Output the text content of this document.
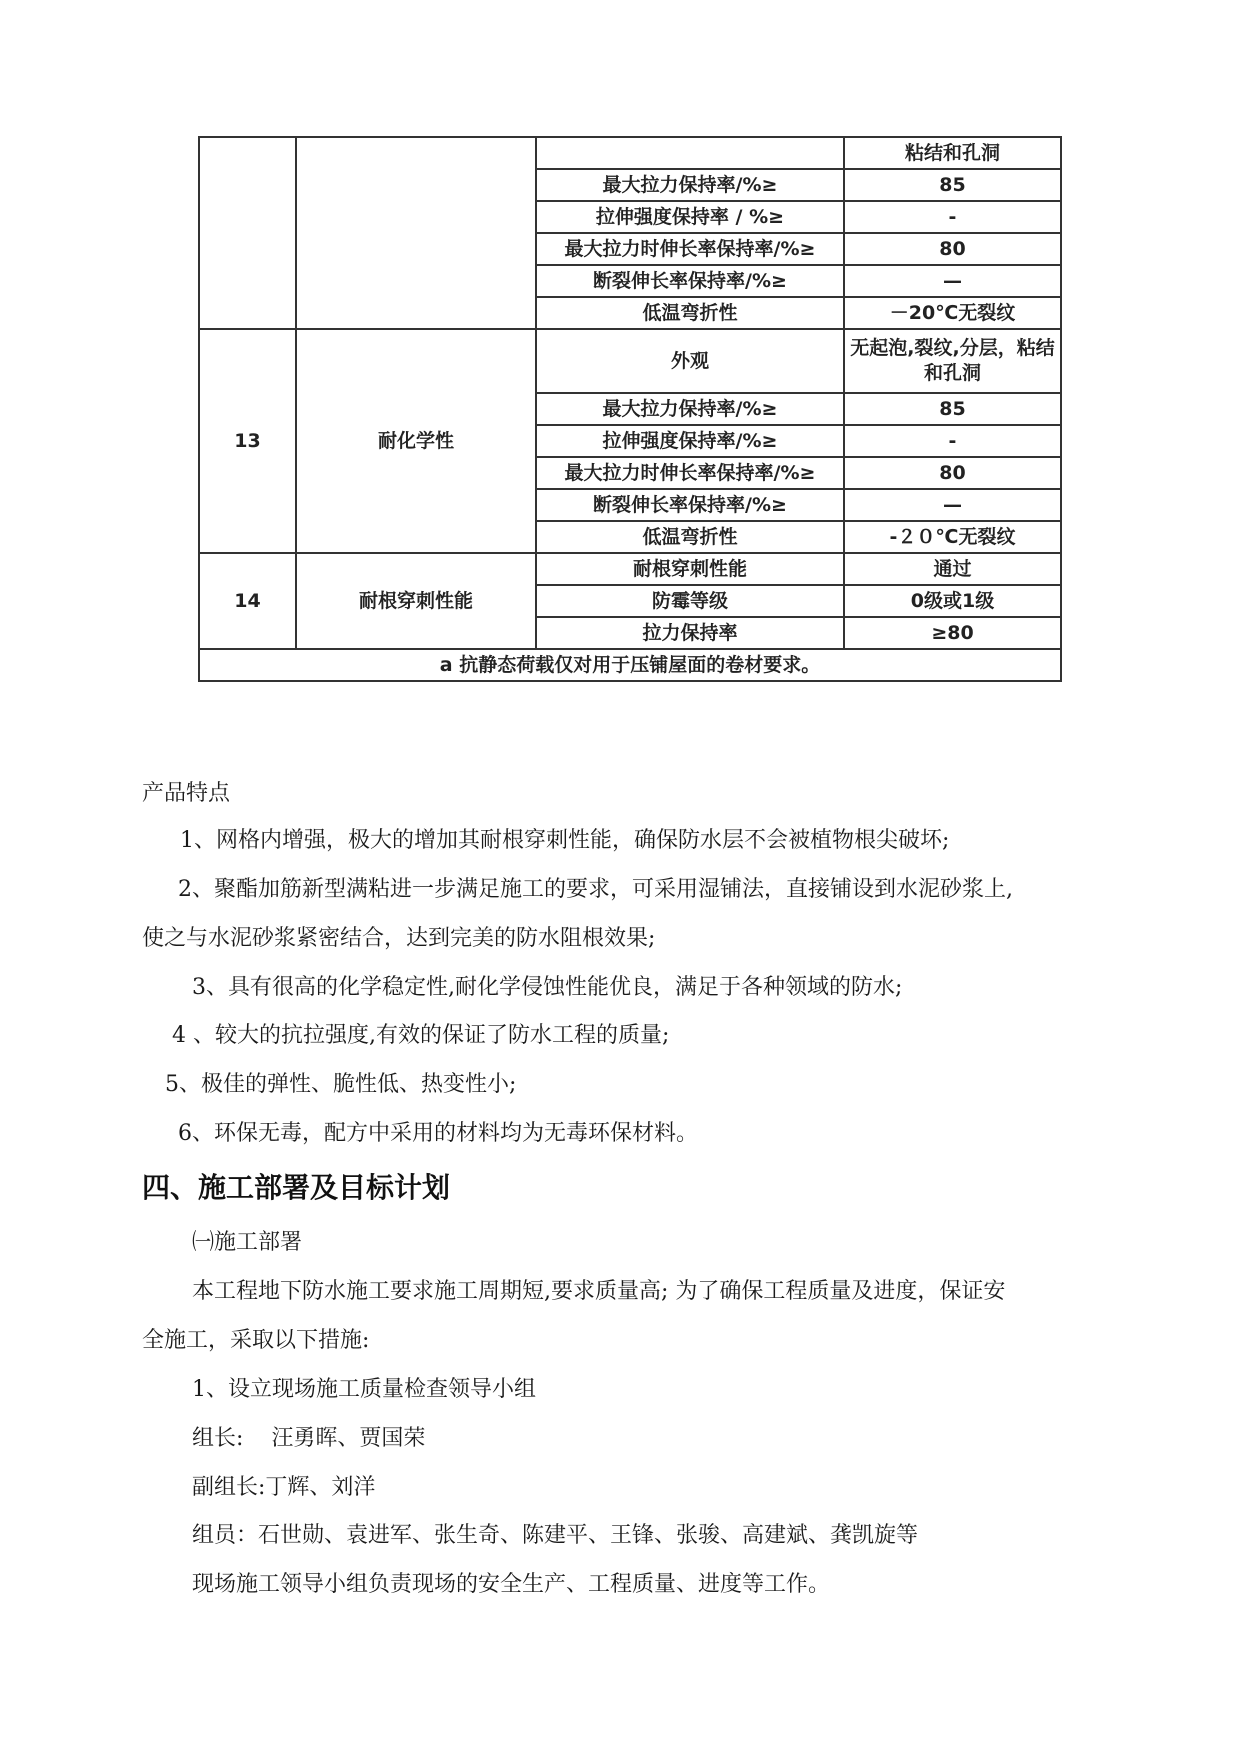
			粘结和孔洞
		最大拉力保持率/%≥	85
		拉伸强度保持率 / %≥	-
		最大拉力时伸长率保持率/%≥	80
		断裂伸长率保持率/%≥	—
		低温弯折性	－20℃无裂纹
13	耐化学性	外观	无起泡,裂纹,分层，粘结和孔洞
		最大拉力保持率/%≥	85
		拉伸强度保持率/%≥	-
		最大拉力时伸长率保持率/%≥	80
		断裂伸长率保持率/%≥	—
		低温弯折性	-２０℃无裂纹
14	耐根穿刺性能	耐根穿刺性能	通过
		防霉等级	0级或1级
		拉力保持率	≥80
a 抗静态荷载仅对用于压铺屋面的卷材要求。			
产品特点
1、网格内增强，极大的增加其耐根穿刺性能，确保防水层不会被植物根尖破坏;
2、聚酯加筋新型满粘进一步满足施工的要求，可采用湿铺法，直接铺设到水泥砂浆上,
使之与水泥砂浆紧密结合，达到完美的防水阻根效果;
3、具有很高的化学稳定性,耐化学侵蚀性能优良，满足于各种领域的防水;
4 、较大的抗拉强度,有效的保证了防水工程的质量;
5、极佳的弹性、脆性低、热变性小;
6、环保无毒，配方中采用的材料均为无毒环保材料。
四、施工部署及目标计划
㈠施工部署
本工程地下防水施工要求施工周期短,要求质量高; 为了确保工程质量及进度，保证安
全施工，采取以下措施:
1、设立现场施工质量检查领导小组
组长:    汪勇晖、贾国荣
副组长:丁辉、刘洋
组员：石世勋、袁进军、张生奇、陈建平、王锋、张骏、高建斌、龚凯旋等
现场施工领导小组负责现场的安全生产、工程质量、进度等工作。
